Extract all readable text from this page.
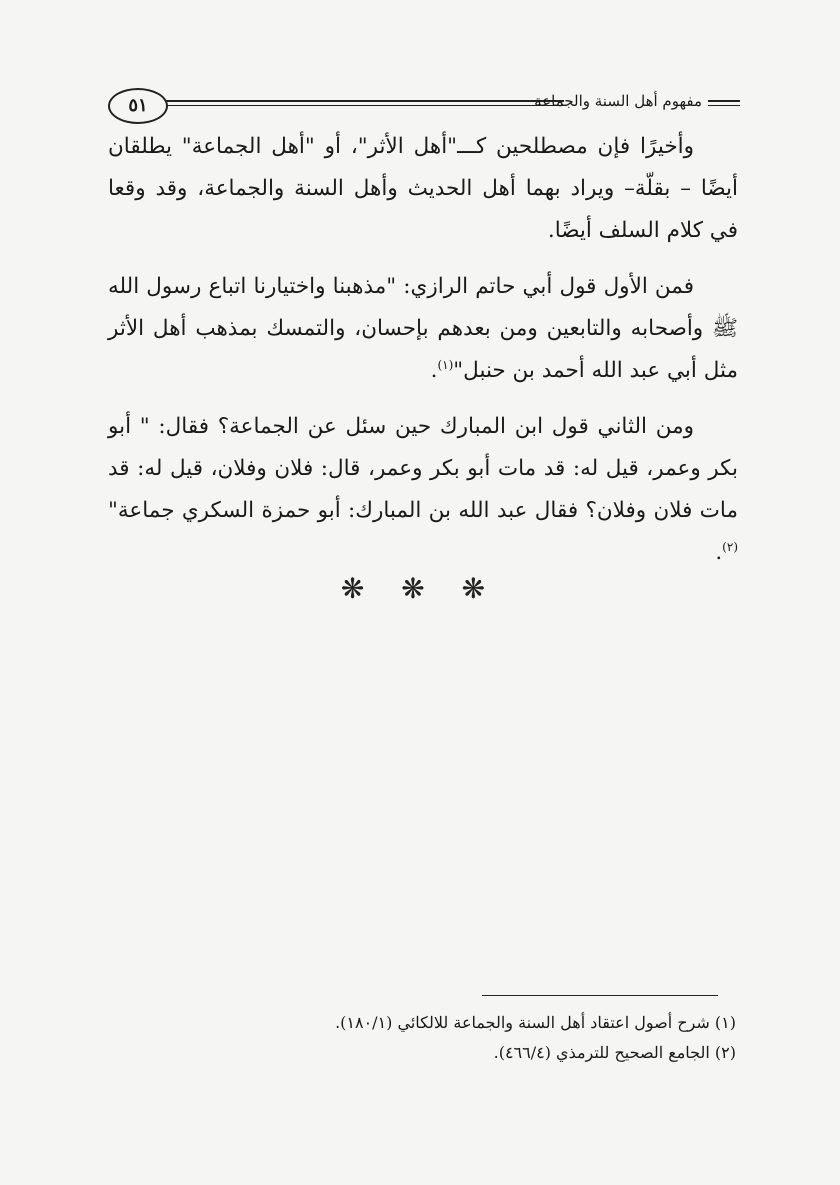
٥١	مفهوم أهل السنة والجماعة

وأخيرًا فإن مصطلحين كـــ"أهل الأثر"، أو "أهل الجماعة" يطلقان أيضًا – بقلّة– ويراد بهما أهل الحديث وأهل السنة والجماعة، وقد وقعا في كلام السلف أيضًا.

فمن الأول قول أبي حاتم الرازي: "مذهبنا واختيارنا اتباع رسول الله ﷺ وأصحابه والتابعين ومن بعدهم بإحسان، والتمسك بمذهب أهل الأثر مثل أبي عبد الله أحمد بن حنبل"$^{(١)}$.

ومن الثاني قول ابن المبارك حين سئل عن الجماعة؟ فقال: " أبو بكر وعمر، قيل له: قد مات أبو بكر وعمر، قال: فلان وفلان، قيل له: قد مات فلان وفلان؟ فقال عبد الله بن المبارك: أبو حمزة السكري جماعة"$^{(٢)}$.

❋ ❋ ❋
(١) شرح أصول اعتقاد أهل السنة والجماعة للالكائي (١٨٠/١).
(٢) الجامع الصحيح للترمذي (٤٦٦/٤).
